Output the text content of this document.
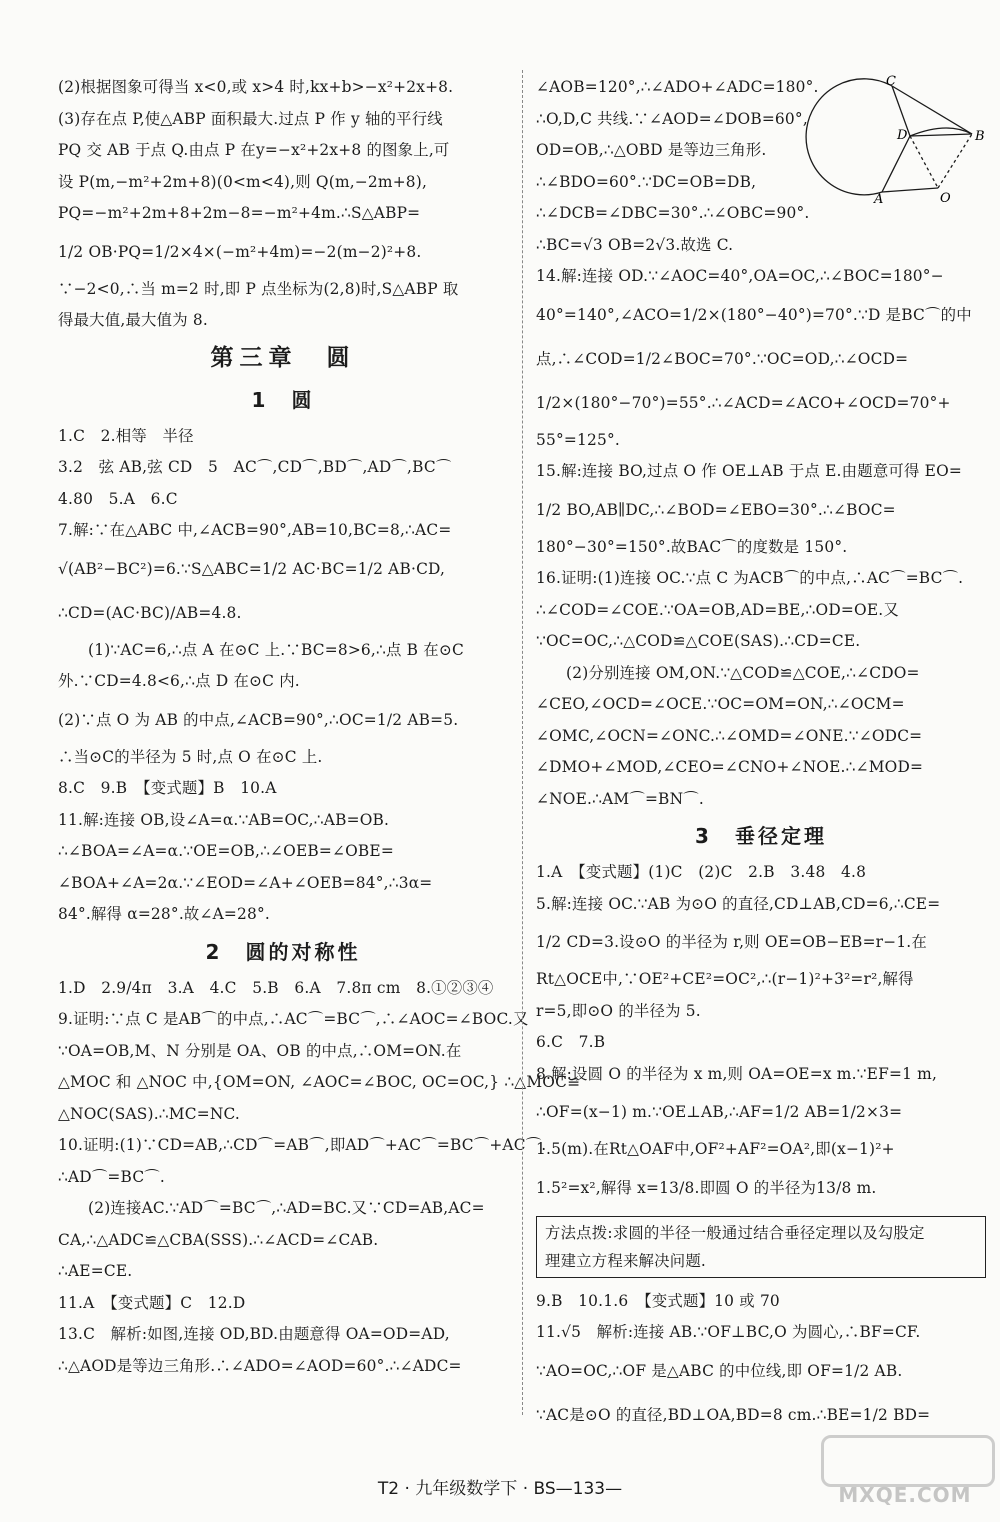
(2)根据图象可得当 x<0,或 x>4 时,kx+b>−x²+2x+8.
(3)存在点 P,使△ABP 面积最大.过点 P 作 y 轴的平行线
PQ 交 AB 于点 Q.由点 P 在y=−x²+2x+8 的图象上,可
设 P(m,−m²+2m+8)(0<m<4),则 Q(m,−2m+8),
PQ=−m²+2m+8+2m−8=−m²+4m.∴S△ABP=
1/2 OB·PQ=1/2×4×(−m²+4m)=−2(m−2)²+8.
∵−2<0,∴当 m=2 时,即 P 点坐标为(2,8)时,S△ABP 取
得最大值,最大值为 8.
第三章　圆
1　圆
1.C　2.相等　半径
3.2　弦 AB,弦 CD　5　AC⌒,CD⌒,BD⌒,AD⌒,BC⌒
4.80　5.A　6.C
7.解:∵在△ABC 中,∠ACB=90°,AB=10,BC=8,∴AC=
√(AB²−BC²)=6.∵S△ABC=1/2 AC·BC=1/2 AB·CD,
∴CD=(AC·BC)/AB=4.8.
(1)∵AC=6,∴点 A 在⊙C 上.∵BC=8>6,∴点 B 在⊙C
外.∵CD=4.8<6,∴点 D 在⊙C 内.
(2)∵点 O 为 AB 的中点,∠ACB=90°,∴OC=1/2 AB=5.
∴当⊙C的半径为 5 时,点 O 在⊙C 上.
8.C　9.B　【变式题】B　10.A
11.解:连接 OB,设∠A=α.∵AB=OC,∴AB=OB.
∴∠BOA=∠A=α.∵OE=OB,∴∠OEB=∠OBE=
∠BOA+∠A=2α.∵∠EOD=∠A+∠OEB=84°,∴3α=
84°.解得 α=28°.故∠A=28°.
2　圆的对称性
1.D　2.9/4π　3.A　4.C　5.B　6.A　7.8π cm　8.①②③④
9.证明:∵点 C 是AB⌒的中点,∴AC⌒=BC⌒,∴∠AOC=∠BOC.又
∵OA=OB,M、N 分别是 OA、OB 的中点,∴OM=ON.在
△MOC 和 △NOC 中,{OM=ON, ∠AOC=∠BOC, OC=OC,} ∴△MOC≌
△NOC(SAS).∴MC=NC.
10.证明:(1)∵CD=AB,∴CD⌒=AB⌒,即AD⌒+AC⌒=BC⌒+AC⌒.
∴AD⌒=BC⌒.
(2)连接AC.∵AD⌒=BC⌒,∴AD=BC.又∵CD=AB,AC=
CA,∴△ADC≌△CBA(SSS).∴∠ACD=∠CAB.
∴AE=CE.
11.A　【变式题】C　12.D
13.C　解析:如图,连接 OD,BD.由题意得 OA=OD=AD,
∴△AOD是等边三角形.∴∠ADO=∠AOD=60°.∴∠ADC=
∠AOB=120°,∴∠ADO+∠ADC=180°.
∴O,D,C 共线.∵∠AOD=∠DOB=60°,
OD=OB,∴△OBD 是等边三角形.
∴∠BDO=60°.∵DC=OB=DB,
∴∠DCB=∠DBC=30°.∴∠OBC=90°.
∴BC=√3 OB=2√3.故选 C.
14.解:连接 OD.∵∠AOC=40°,OA=OC,∴∠BOC=180°−
40°=140°,∠ACO=1/2×(180°−40°)=70°.∵D 是BC⌒的中
点,∴∠COD=1/2∠BOC=70°.∵OC=OD,∴∠OCD=
1/2×(180°−70°)=55°.∴∠ACD=∠ACO+∠OCD=70°+
55°=125°.
15.解:连接 BO,过点 O 作 OE⊥AB 于点 E.由题意可得 EO=
1/2 BO,AB∥DC,∴∠BOD=∠EBO=30°.∴∠BOC=
180°−30°=150°.故BAC⌒的度数是 150°.
16.证明:(1)连接 OC.∵点 C 为ACB⌒的中点,∴AC⌒=BC⌒.
∴∠COD=∠COE.∵OA=OB,AD=BE,∴OD=OE.又
∵OC=OC,∴△COD≌△COE(SAS).∴CD=CE.
(2)分别连接 OM,ON.∵△COD≌△COE,∴∠CDO=
∠CEO,∠OCD=∠OCE.∵OC=OM=ON,∴∠OCM=
∠OMC,∠OCN=∠ONC.∴∠OMD=∠ONE.∵∠ODC=
∠DMO+∠MOD,∠CEO=∠CNO+∠NOE.∴∠MOD=
∠NOE.∴AM⌒=BN⌒.
3　垂径定理
1.A　【变式题】(1)C　(2)C　2.B　3.48　4.8
5.解:连接 OC.∵AB 为⊙O 的直径,CD⊥AB,CD=6,∴CE=
1/2 CD=3.设⊙O 的半径为 r,则 OE=OB−EB=r−1.在
Rt△OCE中,∵OE²+CE²=OC²,∴(r−1)²+3²=r²,解得
r=5,即⊙O 的半径为 5.
6.C　7.B
8.解:设圆 O 的半径为 x m,则 OA=OE=x m.∵EF=1 m,
∴OF=(x−1) m.∵OE⊥AB,∴AF=1/2 AB=1/2×3=
1.5(m).在Rt△OAF中,OF²+AF²=OA²,即(x−1)²+
1.5²=x²,解得 x=13/8.即圆 O 的半径为13/8 m.
方法点拨:求圆的半径一般通过结合垂径定理以及勾股定
理建立方程来解决问题.
9.B　10.1.6　【变式题】10 或 70
11.√5　解析:连接 AB.∵OF⊥BC,O 为圆心,∴BF=CF.
∵AO=OC,∴OF 是△ABC 的中位线,即 OF=1/2 AB.
∵AC是⊙O 的直径,BD⊥OA,BD=8 cm.∴BE=1/2 BD=
C
D	B
A	O
T2 · 九年级数学下 · BS—133—	MXQE.COM
